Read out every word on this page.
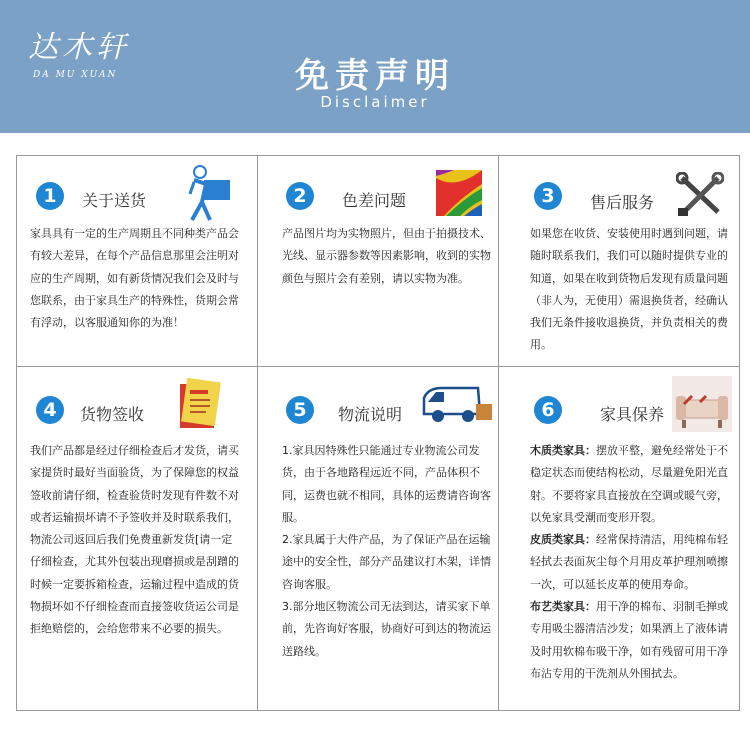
达木轩
DA MU XUAN	免责声明
Disclaimer
1	关于送货

家具具有一定的生产周期且不同种类产品会有较大差异，在每个产品信息那里会注明对应的生产周期，如有新货情况我们会及时与您联系，由于家具生产的特殊性，货期会常有浮动，以客服通知你的为准！

2	色差问题

产品图片均为实物照片，但由于拍摄技术、光线、显示器参数等因素影响，收到的实物颜色与照片会有差别，请以实物为准。

3	售后服务

如果您在收货、安装使用时遇到问题，请随时联系我们，我们可以随时提供专业的知道，如果在收到货物后发现有质量问题（非人为，无使用）需退换货者，经确认我们无条件接收退换货，并负责相关的费用。

4	货物签收

我们产品都是经过仔细检查后才发货，请买家提货时最好当面验货，为了保障您的权益签收前请仔细，检查验货时发现有件数不对或者运输损坏请不予签收并及时联系我们，物流公司返回后我们免费重新发货[请一定仔细检查，尤其外包装出现磨损或是刮蹭的时候一定要拆箱检查，运输过程中造成的货物损坏如不仔细检查而直接签收货运公司是拒绝赔偿的，会给您带来不必要的损失。

5	物流说明

1.家具因特殊性只能通过专业物流公司发货，由于各地路程远近不同，产品体积不同，运费也就不相同，具体的运费请咨询客服。

2.家具属于大件产品，为了保证产品在运输途中的安全性，部分产品建议打木架，详情咨询客服。

3.部分地区物流公司无法到达，请买家下单前，先咨询好客服，协商好可到达的物流运送路线。

6	家具保养

木质类家具：摆放平整，避免经常处于不稳定状态而使结构松动，尽量避免阳光直射。不要将家具直接放在空调或暖气旁，以免家具受潮而变形开裂。

皮质类家具：经常保持清洁，用纯棉布轻轻拭去表面灰尘每个月用皮革护理剂喷擦一次，可以延长皮革的使用寿命。

布艺类家具：用干净的棉布、羽制毛掸或专用吸尘器清洁沙发；如果洒上了液体请及时用软棉布吸干净，如有残留可用干净布沾专用的干洗剂从外围拭去。
